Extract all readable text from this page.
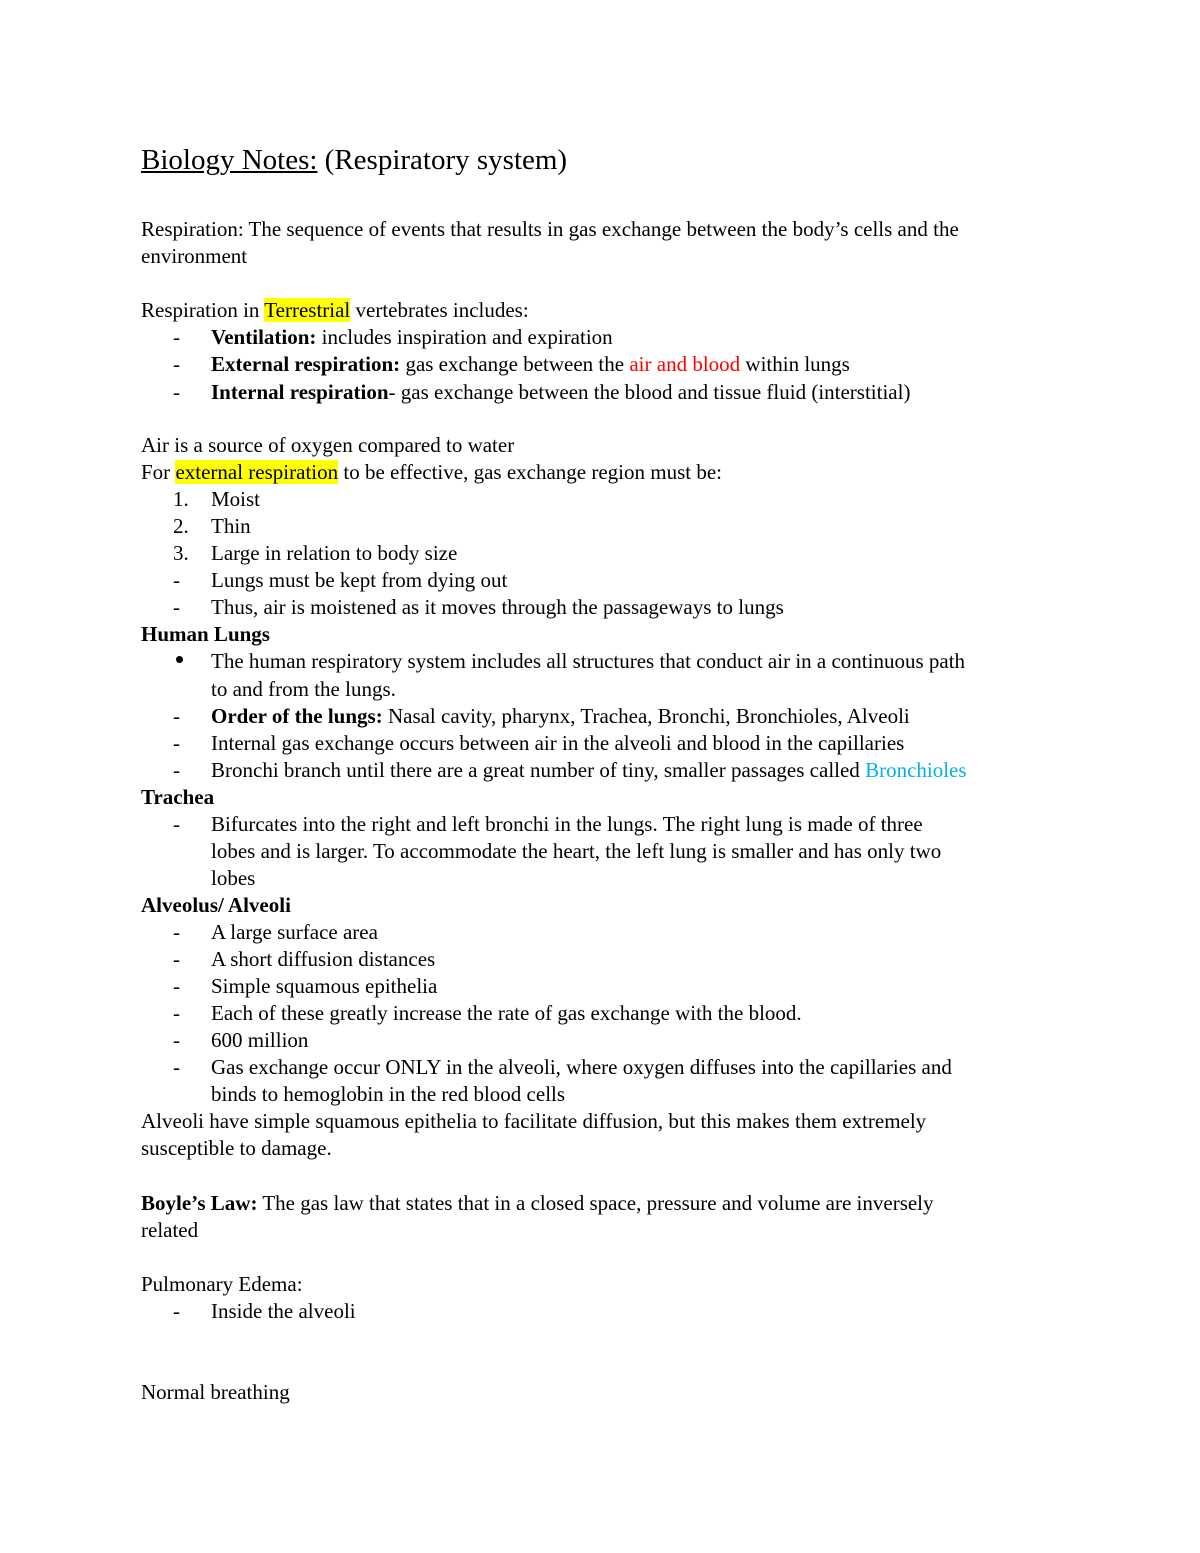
Biology Notes: (Respiratory system)
Respiration: The sequence of events that results in gas exchange between the body’s cells and the
environment
Respiration in Terrestrial vertebrates includes:
- Ventilation: includes inspiration and expiration
- External respiration: gas exchange between the air and blood within lungs
- Internal respiration- gas exchange between the blood and tissue fluid (interstitial)
Air is a source of oxygen compared to water
For external respiration to be effective, gas exchange region must be:
1. Moist
2. Thin
3. Large in relation to body size
- Lungs must be kept from dying out
- Thus, air is moistened as it moves through the passageways to lungs
Human Lungs
The human respiratory system includes all structures that conduct air in a continuous path
to and from the lungs.
- Order of the lungs: Nasal cavity, pharynx, Trachea, Bronchi, Bronchioles, Alveoli
- Internal gas exchange occurs between air in the alveoli and blood in the capillaries
- Bronchi branch until there are a great number of tiny, smaller passages called Bronchioles
Trachea
- Bifurcates into the right and left bronchi in the lungs. The right lung is made of three
lobes and is larger. To accommodate the heart, the left lung is smaller and has only two
lobes
Alveolus/ Alveoli
- A large surface area
- A short diffusion distances
- Simple squamous epithelia
- Each of these greatly increase the rate of gas exchange with the blood.
- 600 million
- Gas exchange occur ONLY in the alveoli, where oxygen diffuses into the capillaries and
binds to hemoglobin in the red blood cells
Alveoli have simple squamous epithelia to facilitate diffusion, but this makes them extremely
susceptible to damage.
Boyle’s Law: The gas law that states that in a closed space, pressure and volume are inversely
related
Pulmonary Edema:
- Inside the alveoli
Normal breathing
